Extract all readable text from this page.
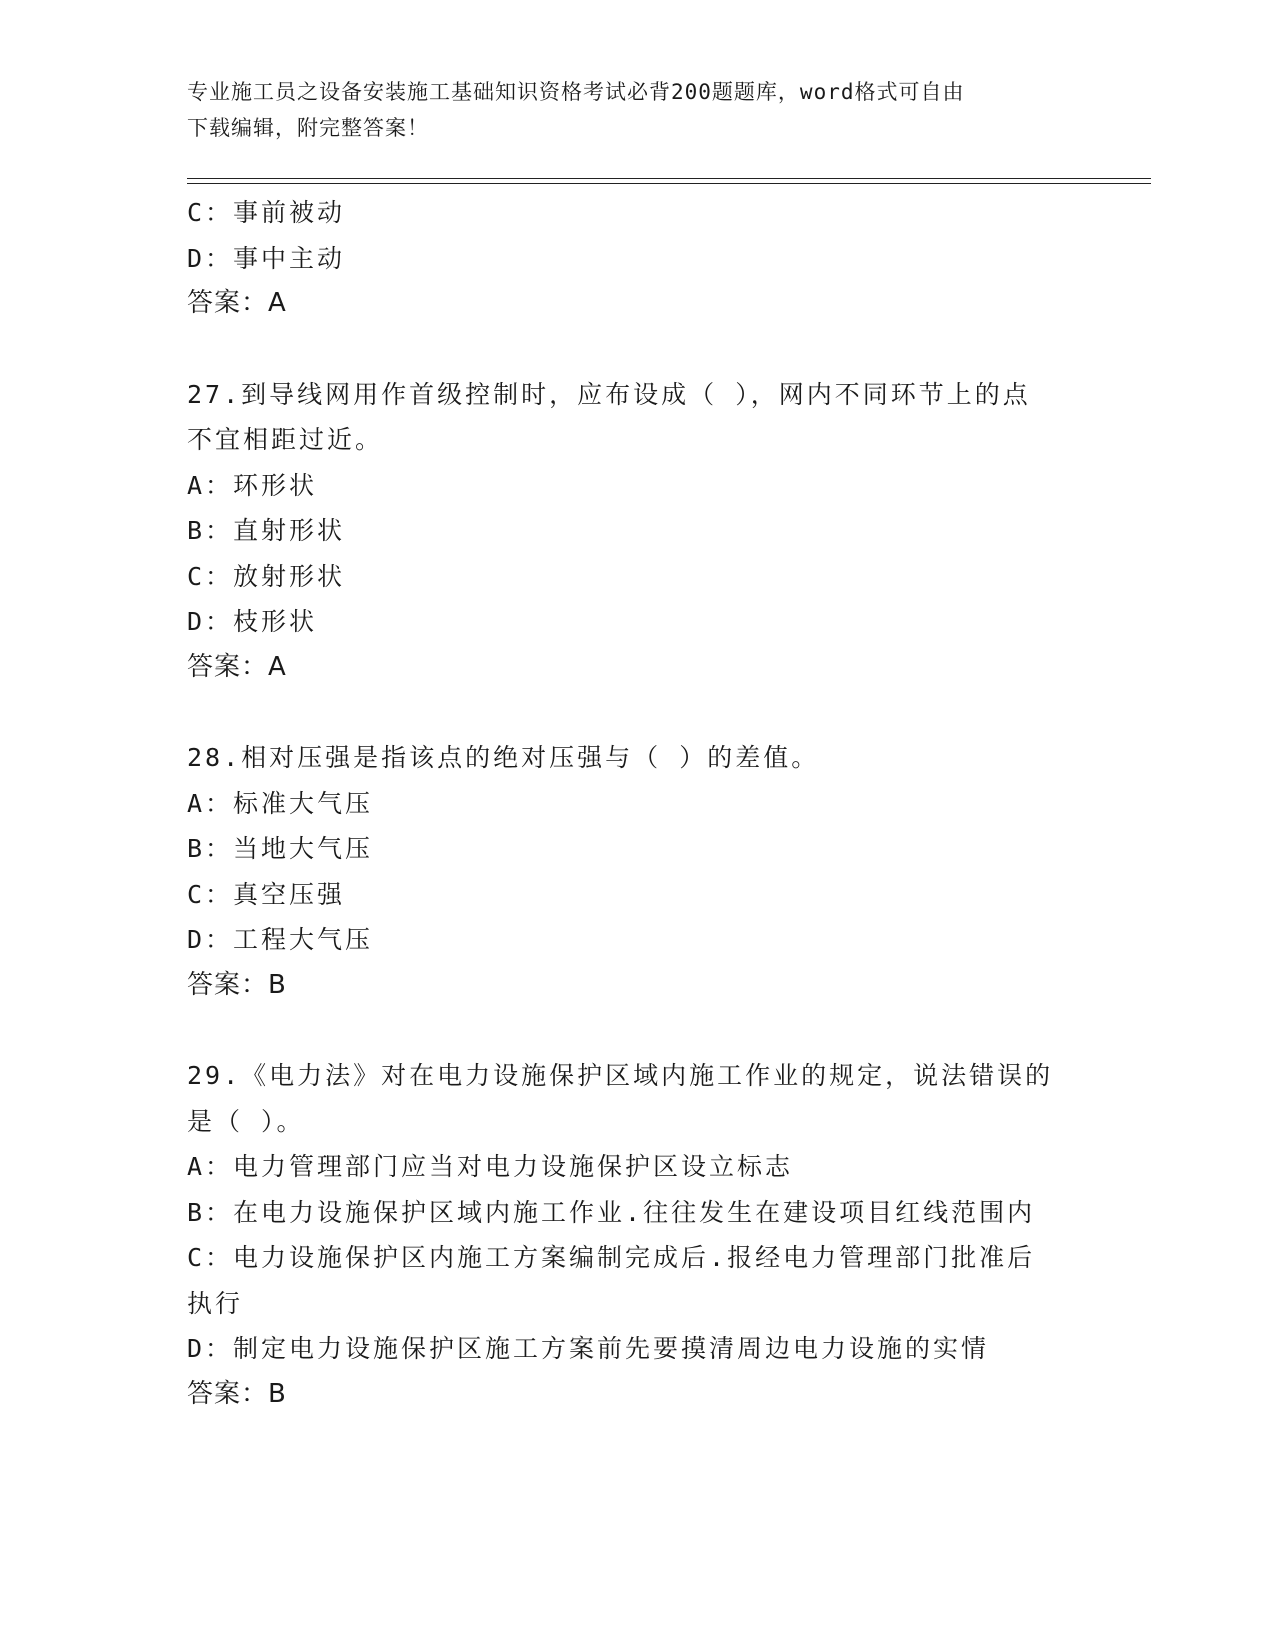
专业施工员之设备安装施工基础知识资格考试必背200题题库，word格式可自由
下载编辑，附完整答案！
C：事前被动
D：事中主动
答案：A
27.到导线网用作首级控制时，应布设成（ ），网内不同环节上的点
不宜相距过近。
A：环形状
B：直射形状
C：放射形状
D：枝形状
答案：A
28.相对压强是指该点的绝对压强与（ ）的差值。
A：标准大气压
B：当地大气压
C：真空压强
D：工程大气压
答案：B
29.《电力法》对在电力设施保护区域内施工作业的规定，说法错误的
是（ ）。
A：电力管理部门应当对电力设施保护区设立标志
B：在电力设施保护区域内施工作业.往往发生在建设项目红线范围内
C：电力设施保护区内施工方案编制完成后.报经电力管理部门批准后
执行
D：制定电力设施保护区施工方案前先要摸清周边电力设施的实情
答案：B
